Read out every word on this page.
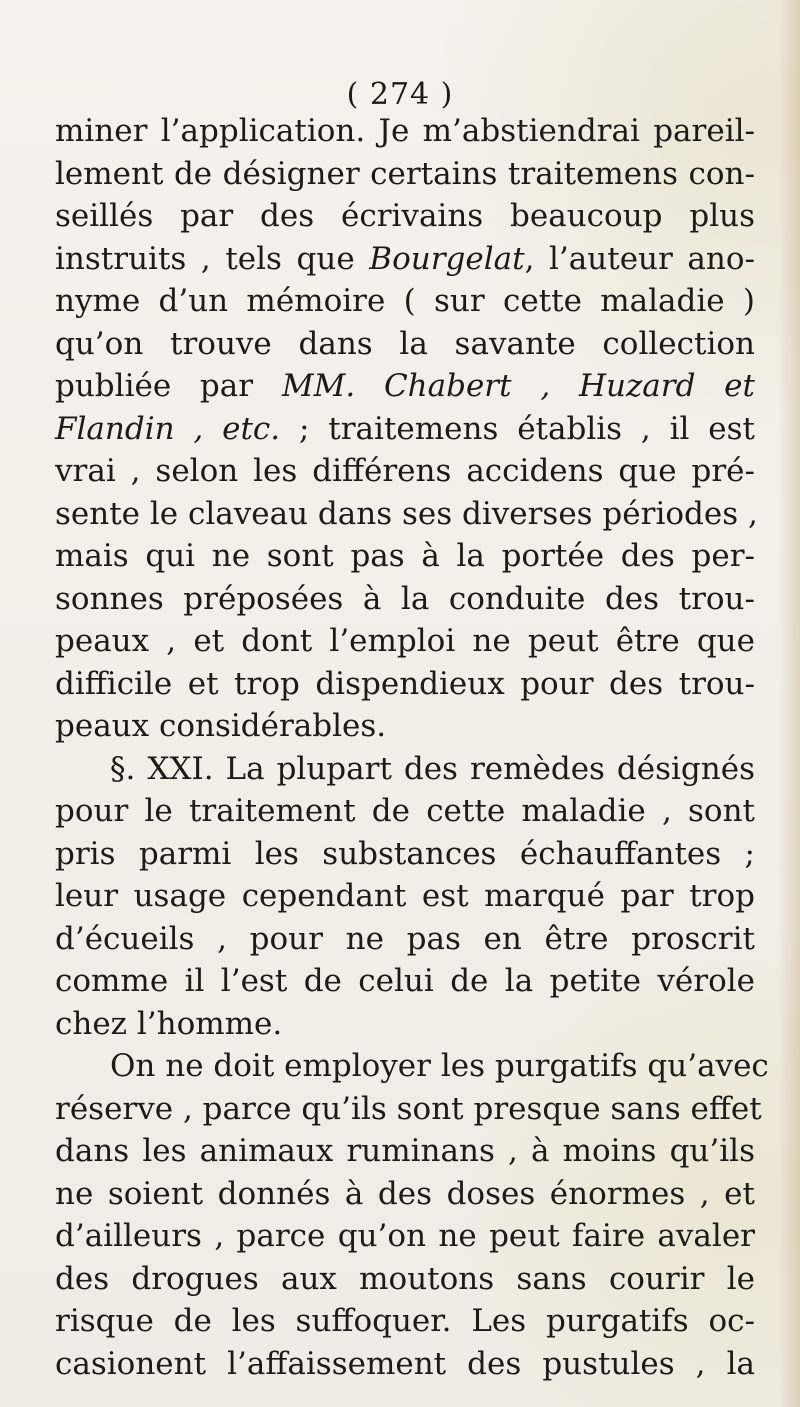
( 274 )
miner l’application. Je m’abstiendrai pareil-
lement de désigner certains traitemens con-
seillés par des écrivains beaucoup plus
instruits , tels que Bourgelat, l’auteur ano-
nyme d’un mémoire ( sur cette maladie )
qu’on trouve dans la savante collection
publiée par MM. Chabert , Huzard et
Flandin , etc. ; traitemens établis , il est
vrai , selon les différens accidens que pré-
sente le claveau dans ses diverses périodes ,
mais qui ne sont pas à la portée des per-
sonnes préposées à la conduite des trou-
peaux , et dont l’emploi ne peut être que
difficile et trop dispendieux pour des trou-
peaux considérables.
§. XXI. La plupart des remèdes désignés
pour le traitement de cette maladie , sont
pris parmi les substances échauffantes ;
leur usage cependant est marqué par trop
d’écueils , pour ne pas en être proscrit
comme il l’est de celui de la petite vérole
chez l’homme.
On ne doit employer les purgatifs qu’avec
réserve , parce qu’ils sont presque sans effet
dans les animaux ruminans , à moins qu’ils
ne soient donnés à des doses énormes , et
d’ailleurs , parce qu’on ne peut faire avaler
des drogues aux moutons sans courir le
risque de les suffoquer. Les purgatifs oc-
casionent l’affaissement des pustules , la
